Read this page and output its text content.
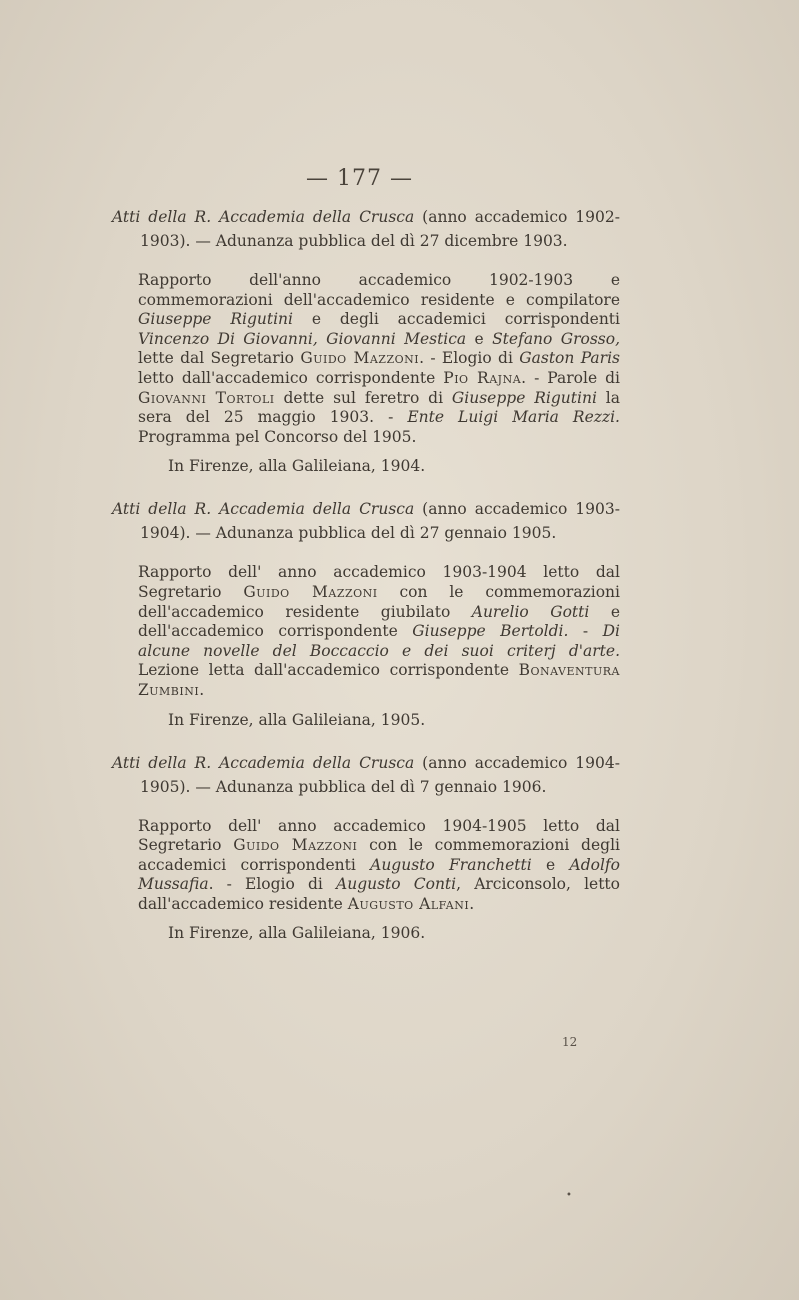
— 177 —
Atti della R. Accademia della Crusca (anno accademico 1902-1903). — Adunanza pubblica del dì 27 dicembre 1903.
Rapporto dell'anno accademico 1902-1903 e commemorazioni dell'accademico residente e compilatore Giuseppe Rigutini e degli accademici corrispondenti Vincenzo Di Giovanni, Giovanni Mestica e Stefano Grosso, lette dal Segretario Guido Mazzoni. - Elogio di Gaston Paris letto dall'accademico corrispondente Pio Rajna. - Parole di Giovanni Tortoli dette sul feretro di Giuseppe Rigutini la sera del 25 maggio 1903. - Ente Luigi Maria Rezzi. Programma pel Concorso del 1905.
In Firenze, alla Galileiana, 1904.
Atti della R. Accademia della Crusca (anno accademico 1903-1904). — Adunanza pubblica del dì 27 gennaio 1905.
Rapporto dell' anno accademico 1903-1904 letto dal Segretario Guido Mazzoni con le commemorazioni dell'accademico residente giubilato Aurelio Gotti e dell'accademico corrispondente Giuseppe Bertoldi. - Di alcune novelle del Boccaccio e dei suoi criterj d'arte. Lezione letta dall'accademico corrispondente Bonaventura Zumbini.
In Firenze, alla Galileiana, 1905.
Atti della R. Accademia della Crusca (anno accademico 1904-1905). — Adunanza pubblica del dì 7 gennaio 1906.
Rapporto dell' anno accademico 1904-1905 letto dal Segretario Guido Mazzoni con le commemorazioni degli accademici corrispondenti Augusto Franchetti e Adolfo Mussafia. - Elogio di Augusto Conti, Arciconsolo, letto dall'accademico residente Augusto Alfani.
In Firenze, alla Galileiana, 1906.
12
•
